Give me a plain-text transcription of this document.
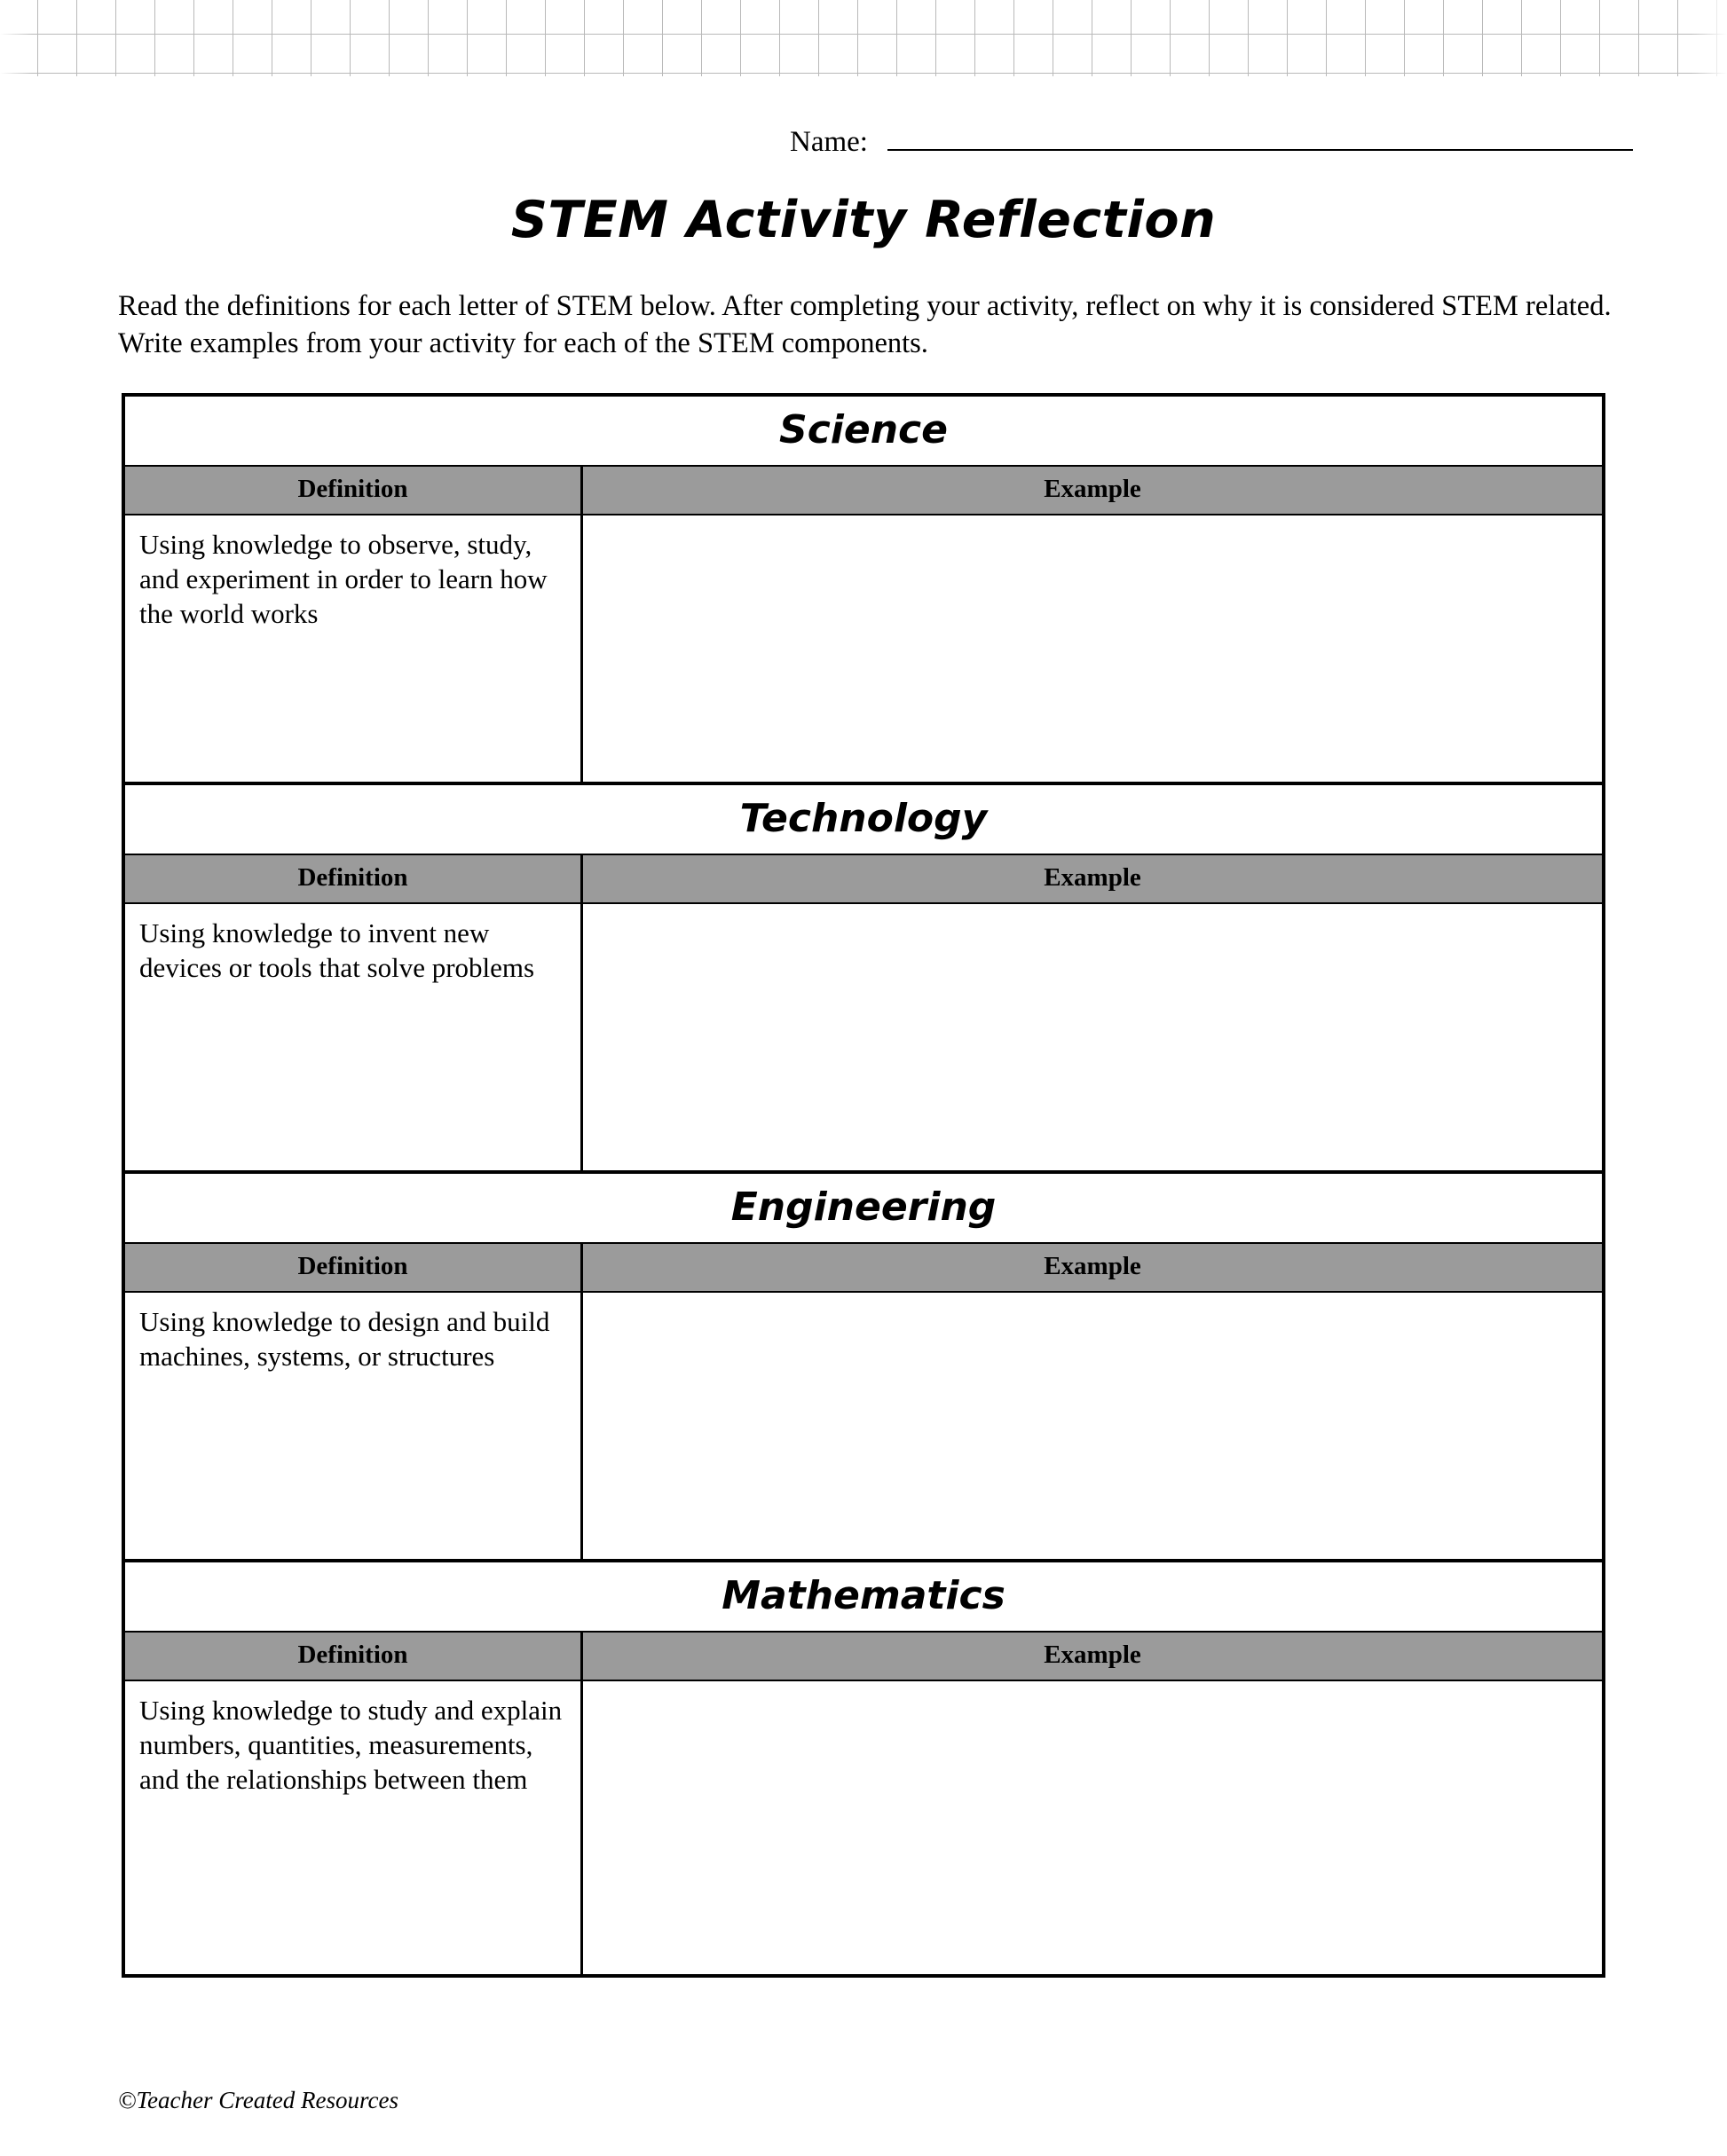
Name:
STEM Activity Reflection
Read the definitions for each letter of STEM below. After completing your activity, reflect on why it is considered STEM related. Write examples from your activity for each of the STEM components.
Science
Definition	Example
Using knowledge to observe, study, and experiment in order to learn how the world works
Technology
Definition	Example
Using knowledge to invent new devices or tools that solve problems
Engineering
Definition	Example
Using knowledge to design and build machines, systems, or structures
Mathematics
Definition	Example
Using knowledge to study and explain numbers, quantities, measurements, and the relationships between them
©Teacher Created Resources
